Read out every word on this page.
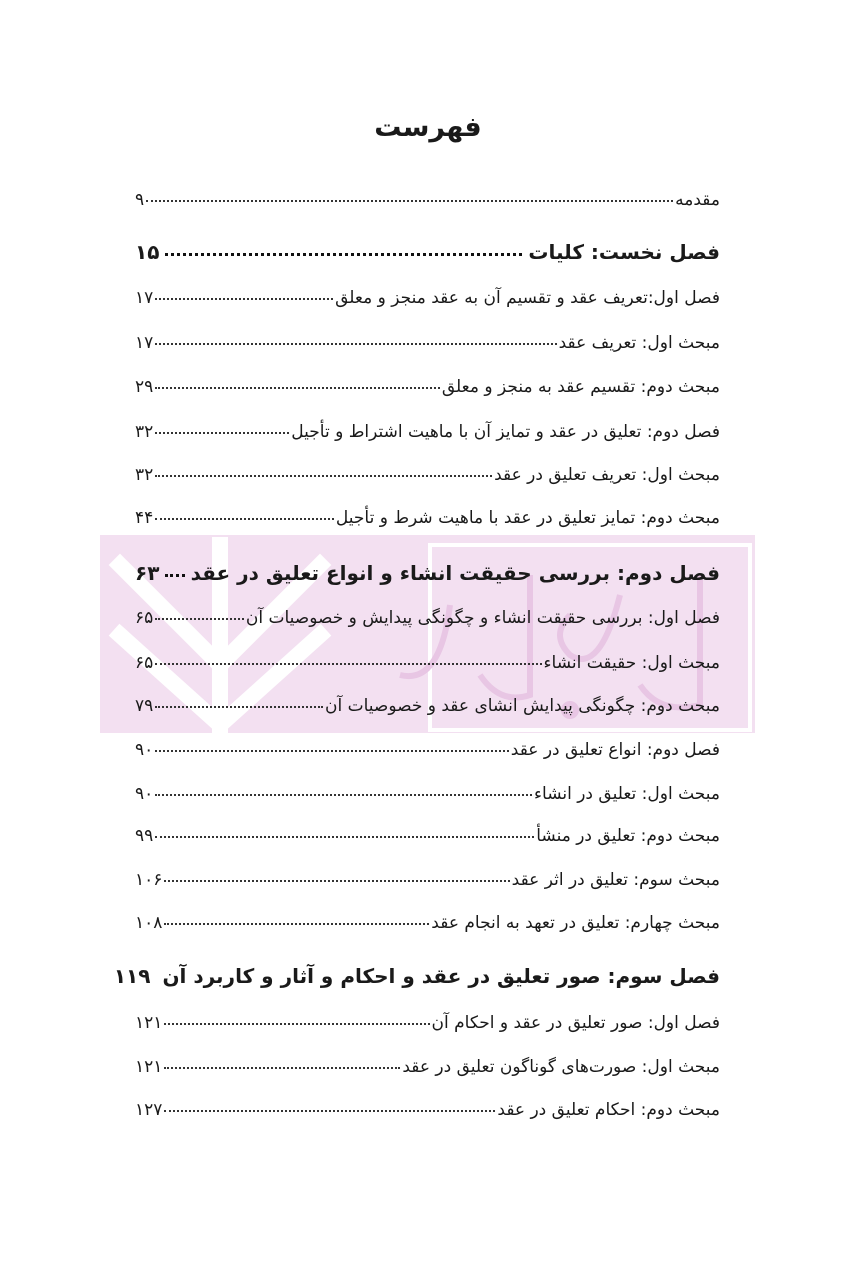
فهرست
مقدمه
۹
فصل نخست: کلیات
۱۵
فصل اول:تعریف عقد و تقسیم آن به عقد منجز و معلق
۱۷
مبحث اول: تعریف عقد
۱۷
مبحث دوم: تقسیم عقد به منجز و معلق
۲۹
فصل دوم: تعلیق در عقد و تمایز آن با ماهیت اشتراط و تأجیل
۳۲
مبحث اول: تعریف تعلیق در عقد
۳۲
مبحث دوم: تمایز تعلیق در عقد با ماهیت شرط و تأجیل
۴۴
فصل دوم: بررسی حقیقت انشاء و انواع تعلیق در عقد
۶۳
فصل اول: بررسی حقیقت انشاء و چگونگی پیدایش و خصوصیات آن
۶۵
مبحث اول: حقیقت انشاء
۶۵
مبحث دوم: چگونگی پیدایش انشای عقد و خصوصیات آن
۷۹
فصل دوم: انواع تعلیق در عقد
۹۰
مبحث اول: تعلیق در انشاء
۹۰
مبحث دوم: تعلیق در منشأ
۹۹
مبحث سوم: تعلیق در اثر عقد
۱۰۶
مبحث چهارم: تعلیق در تعهد به انجام عقد
۱۰۸
فصل سوم: صور تعلیق در عقد و احکام و آثار و کاربرد آن
۱۱۹
فصل اول: صور تعلیق در عقد و احکام آن
۱۲۱
مبحث اول: صورت‌های گوناگون تعلیق در عقد
۱۲۱
مبحث دوم: احکام تعلیق در عقد
۱۲۷
